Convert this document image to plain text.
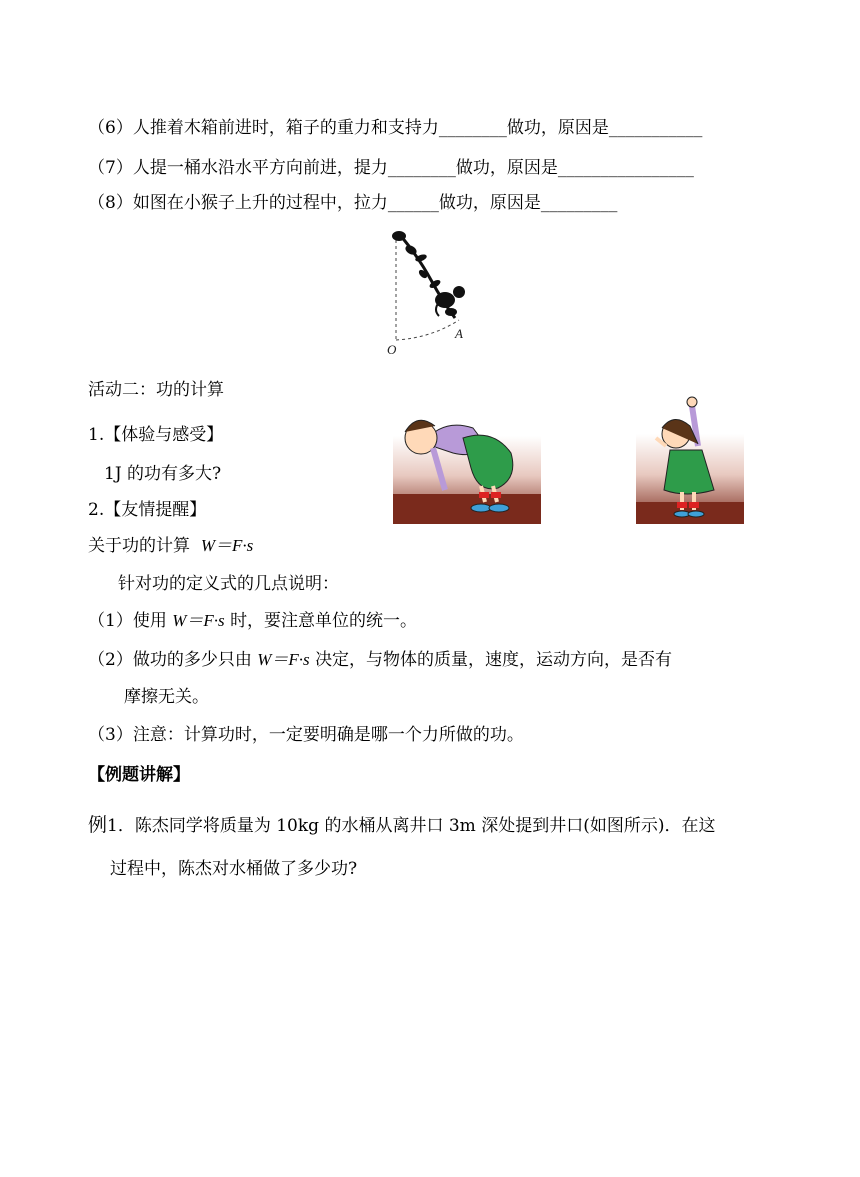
（6）人推着木箱前进时，箱子的重力和支持力________做功，原因是___________
（7）人提一桶水沿水平方向前进，提力________做功，原因是________________
（8）如图在小猴子上升的过程中，拉力______做功，原因是_________
O
A
活动二：功的计算
1.【体验与感受】
1J 的功有多大?
2.【友情提醒】
关于功的计算 W＝F·s
针对功的定义式的几点说明：
（1）使用 W＝F·s 时，要注意单位的统一。
（2）做功的多少只由 W＝F·s 决定，与物体的质量，速度，运动方向，是否有
摩擦无关。
（3）注意：计算功时，一定要明确是哪一个力所做的功。
【例题讲解】
例1．陈杰同学将质量为 10kg 的水桶从离井口 3m 深处提到井口(如图所示)．在这
过程中，陈杰对水桶做了多少功?
